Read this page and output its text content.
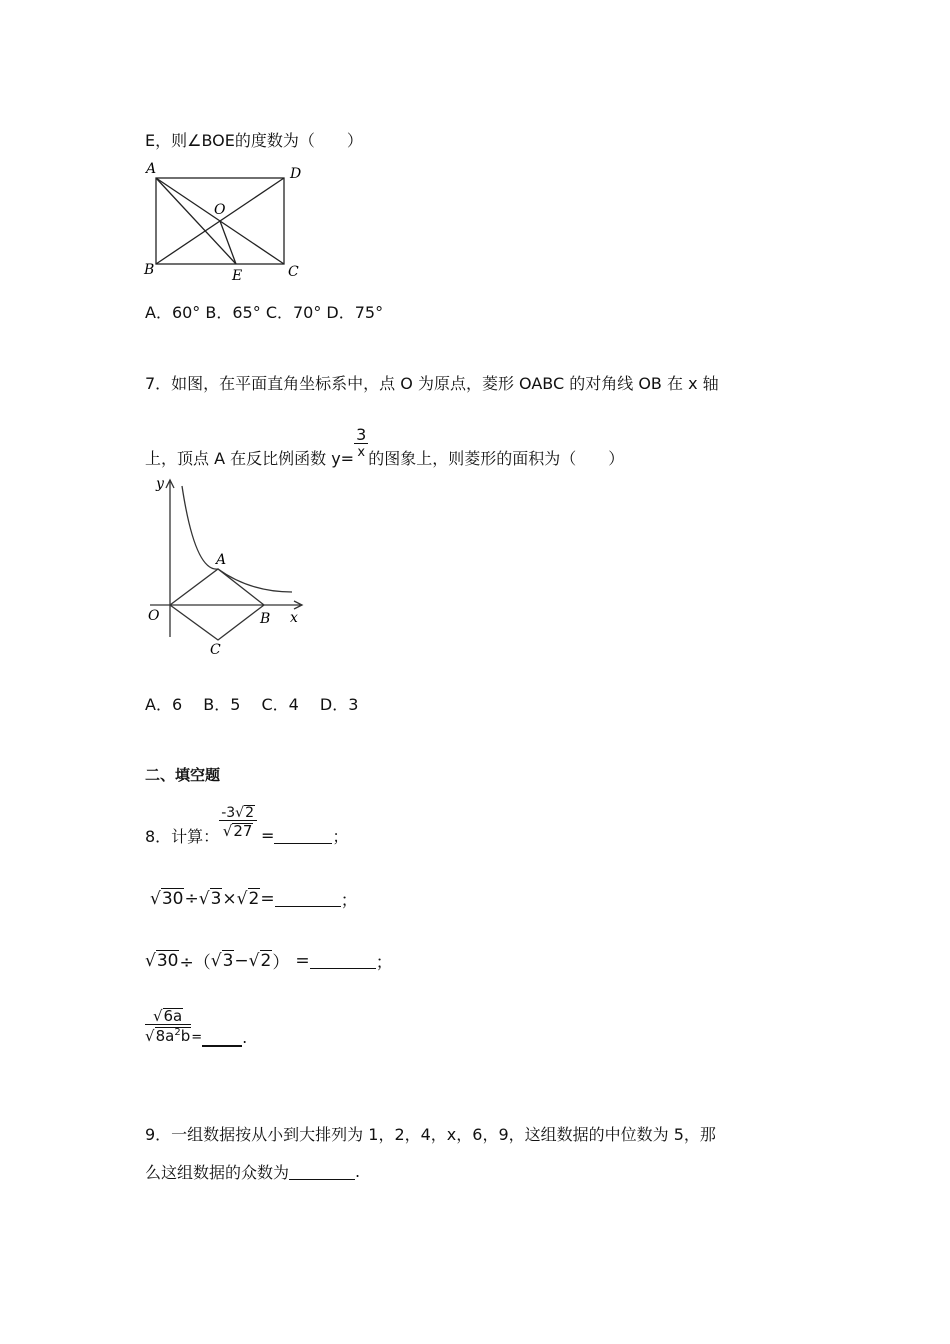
E，则∠BOE的度数为（　　）
A	D
O
B	E	C
A．60° B．65° C．70° D．75°
7．如图，在平面直角坐标系中，点 O 为原点，菱形 OABC 的对角线 OB 在 x 轴
上，顶点 A 在反比例函数 $y= \frac{3}{x}$ 的图象上，则菱形的面积为（　　）
y
x
O
A
B
C
A．6　 B．5　 C．4　 D．3
二、填空题
8．计算： $\frac{-3√2}{√27}$ =	；
√30 ÷ √3 × √2 =	；
√30 ÷（ √3 − √2 ） =	；
$\frac{√6a}{√8a^2b}$ =	.
9．一组数据按从小到大排列为 1，2，4，x，6，9，这组数据的中位数为 5，那
么这组数据的众数为	.
